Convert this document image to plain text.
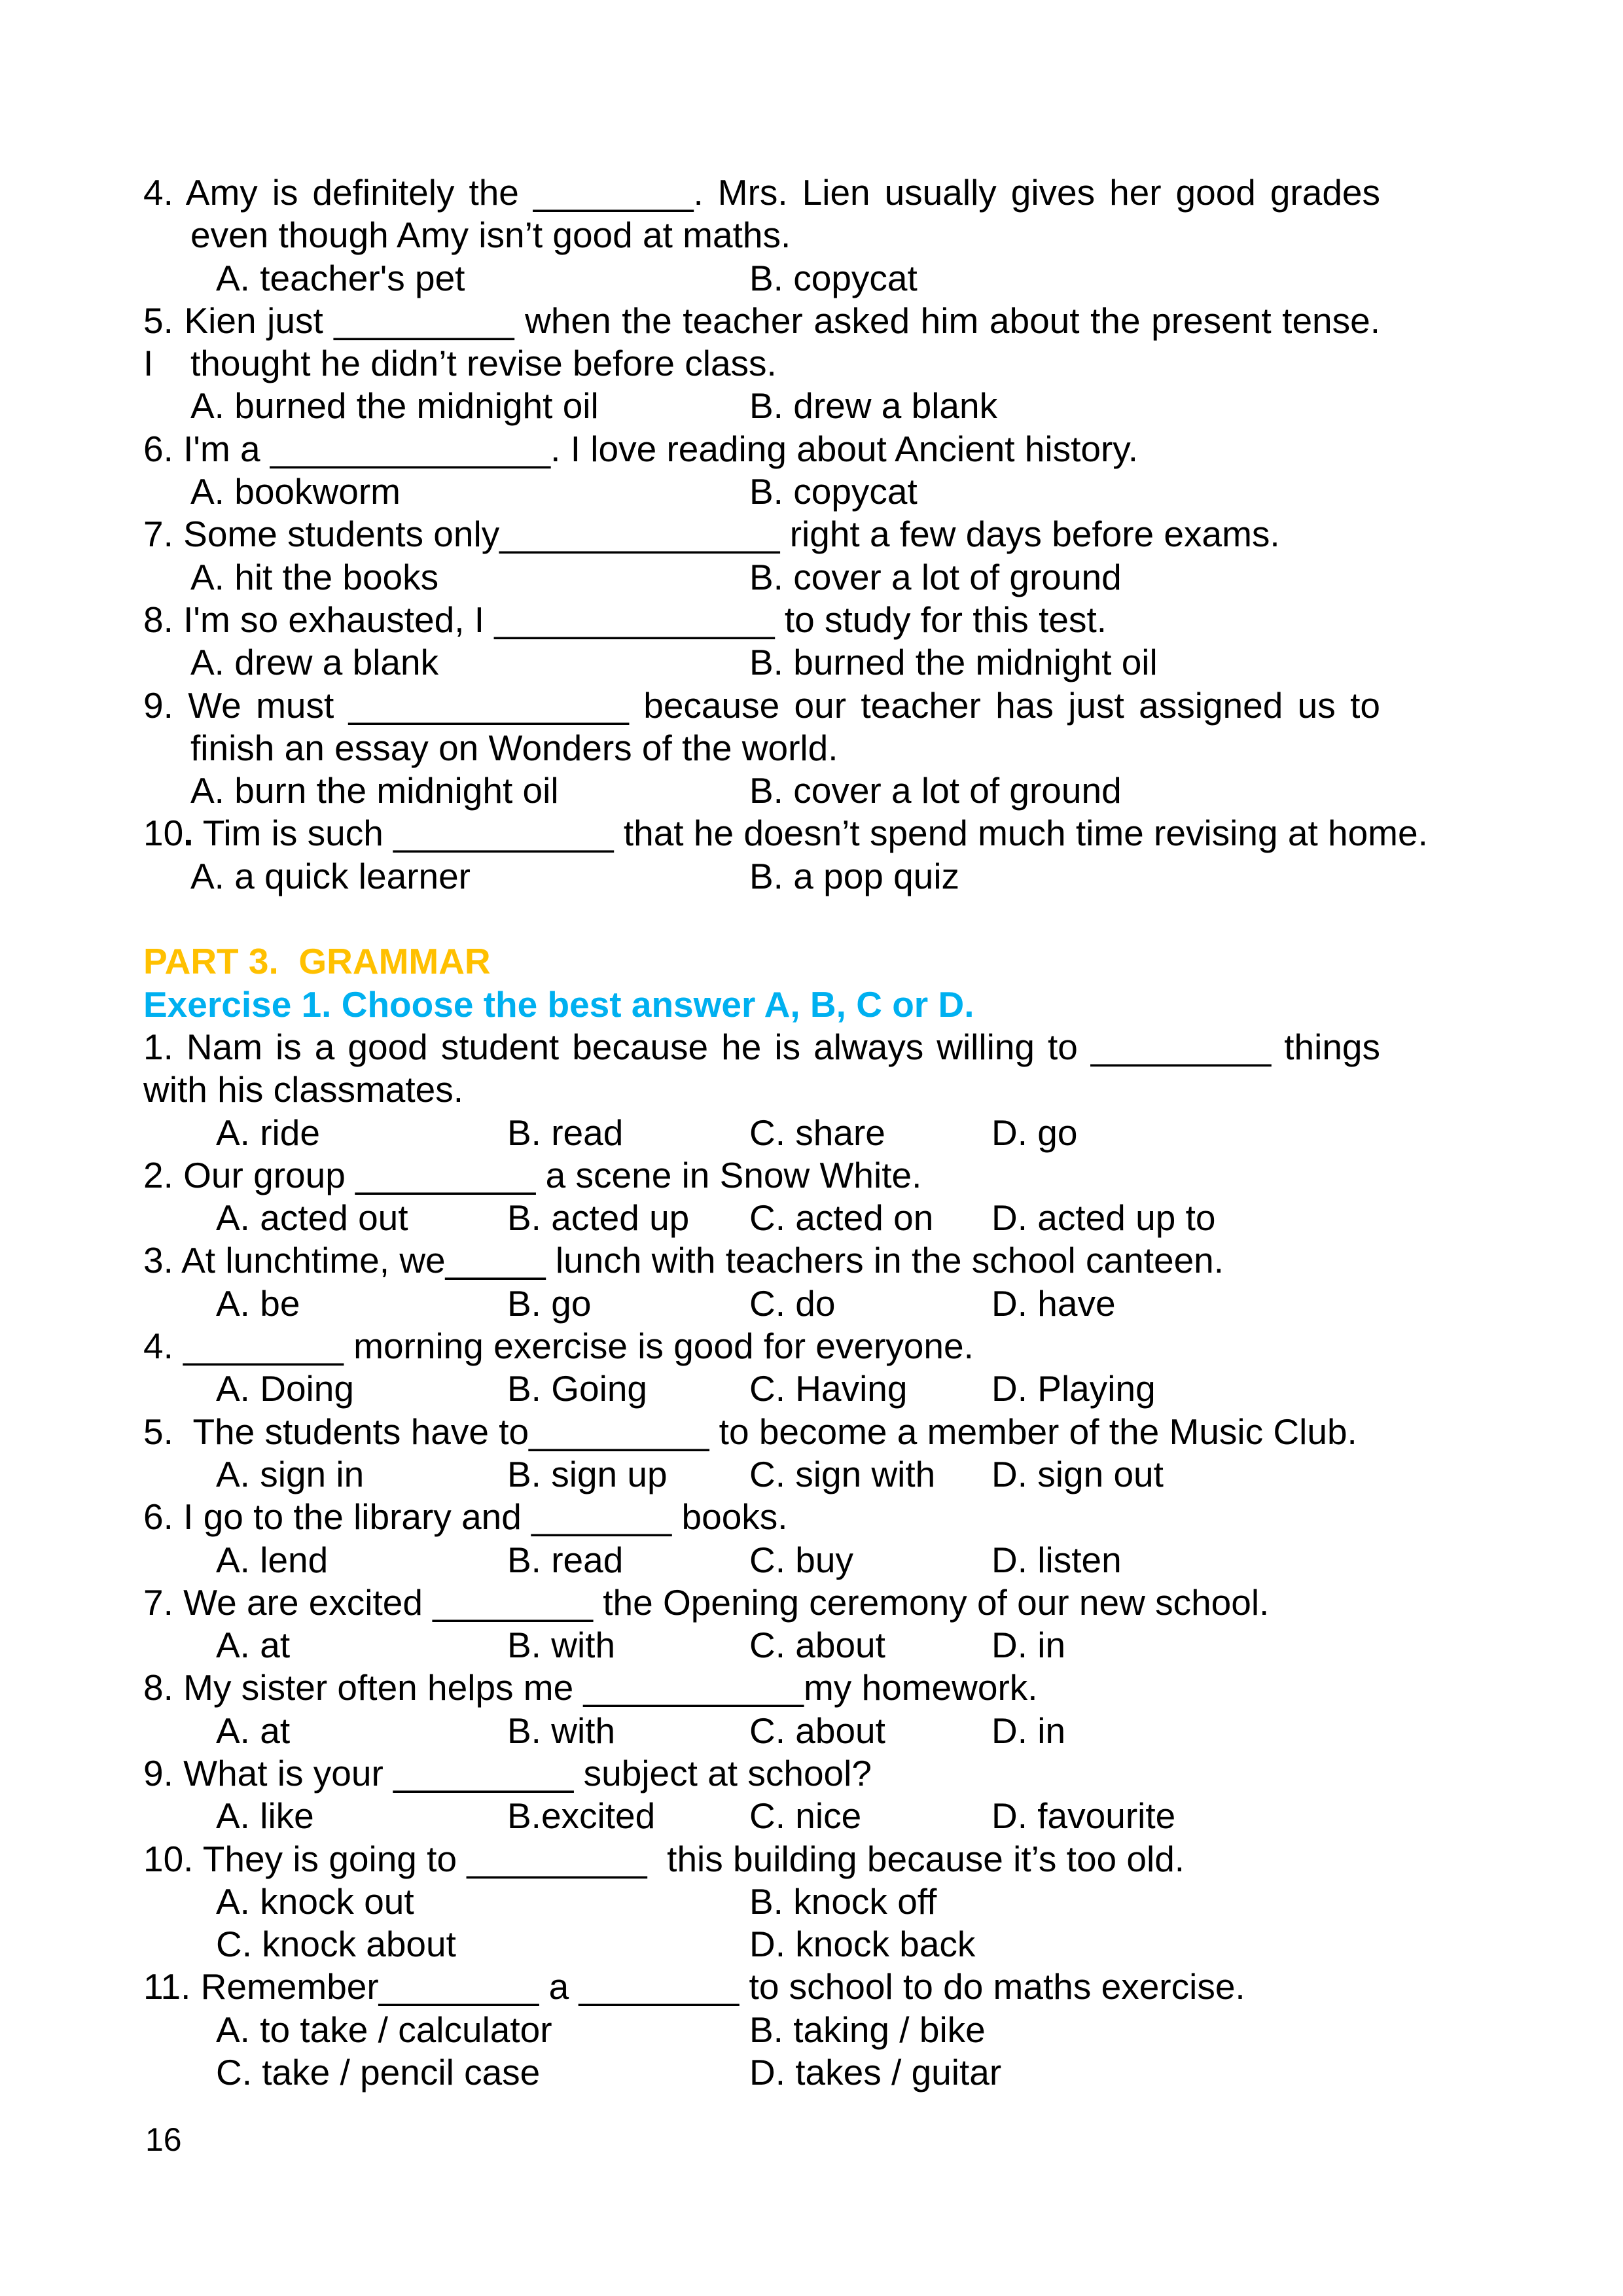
4. Amy is definitely the ________. Mrs. Lien usually gives her good grades
even though Amy isn’t good at maths.

A. teacher's pet

	B. copycat

5. Kien just _________ when the teacher asked him about the present tense. I	thought he didn’t revise before class.

A. burned the midnight oil

	B. drew a blank

6. I'm a ______________. I love reading about Ancient history.

A. bookworm

	B. copycat

7. Some students only______________ right a few days before exams.

A. hit the books

	B. cover a lot of ground

8. I'm so exhausted, I ______________ to study for this test.

A. drew a blank

	B. burned the midnight oil

9. We must ______________ because our teacher has just assigned us to
finish an essay on Wonders of the world.

A. burn the midnight oil

	B. cover a lot of ground

10. Tim is such ___________ that he doesn’t spend much time revising at home.

A. a quick learner

	B. a pop quiz

PART 3.  GRAMMAR
Exercise 1. Choose the best answer A, B, C or D.
1. Nam is a good student because he is always willing to _________ things
with his classmates.

A. ride

	B. read

	C. share

	D. go

2. Our group _________ a scene in Snow White.

A. acted out

	B. acted up

C. acted on

D. acted up to

3. At lunchtime, we_____ lunch with teachers in the school canteen.

A. be

	B. go

	C. do

	D. have

4. ________ morning exercise is good for everyone.

A. Doing

	B. Going

	C. Having

D. Playing

5.  The students have to_________ to become a member of the Music Club.

A. sign in

	B. sign up

C. sign with

D. sign out

6. I go to the library and _______ books.

A. lend

	B. read

	C. buy

	D. listen

7. We are excited ________ the Opening ceremony of our new school.

A. at

	B. with

	C. about

	D. in

8. My sister often helps me ___________my homework.

A. at

	B. with

	C. about

	D. in

9. What is your _________ subject at school?

A. like

	B.excited

	C. nice

	D. favourite

10. They is going to _________  this building because it’s too old.

A. knock out

	B. knock off

C. knock about

	D. knock back

11. Remember________ a ________ to school to do maths exercise.

A. to take / calculator

	B. taking / bike

C. take / pencil case

	D. takes / guitar

16
